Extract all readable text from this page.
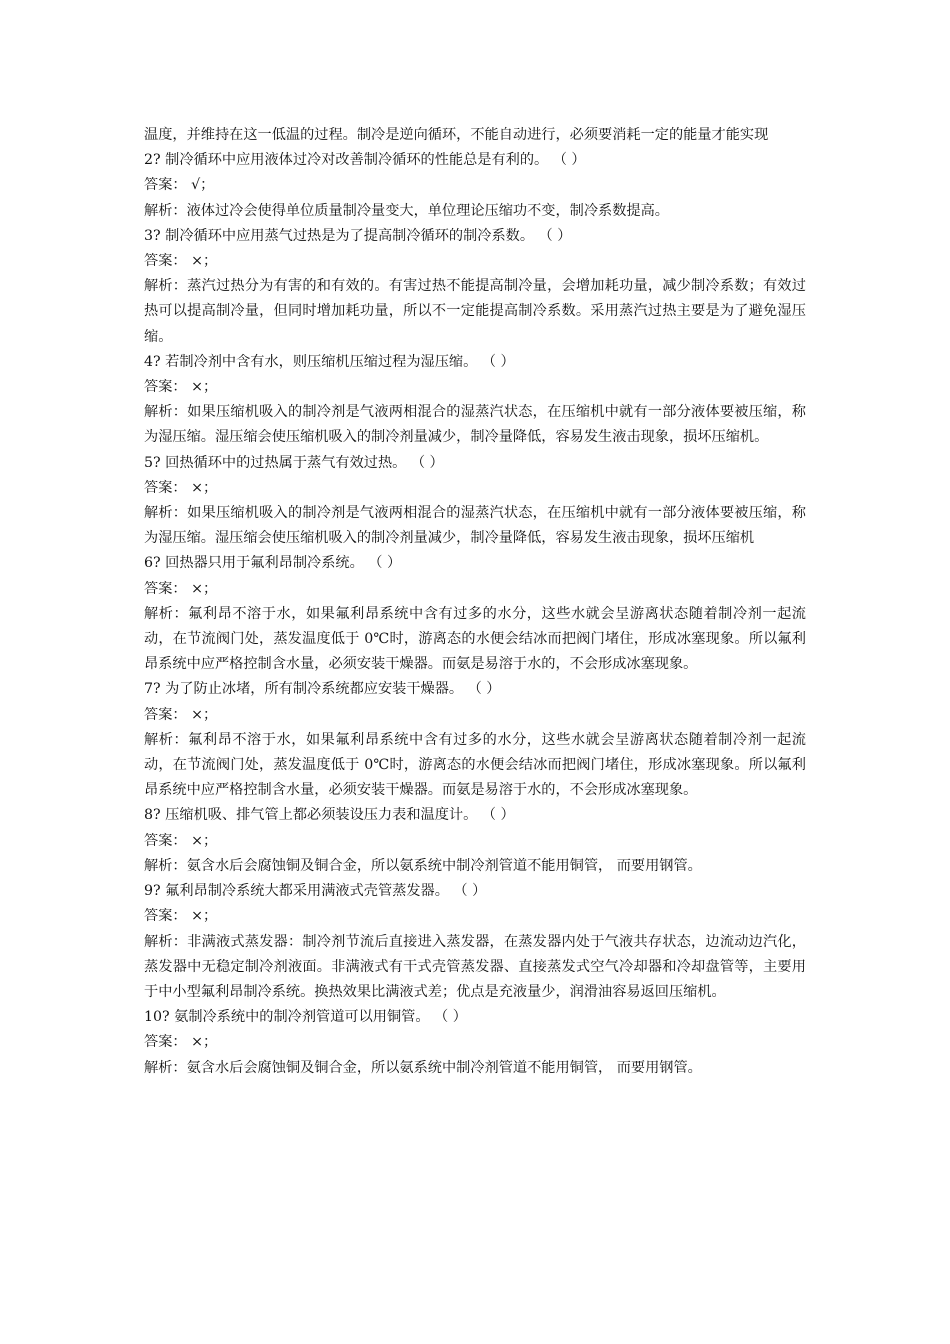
温度，并维持在这一低温的过程。制冷是逆向循环，不能自动进行，必须要消耗一定的能量才能实现
2? 制冷循环中应用液体过冷对改善制冷循环的性能总是有利的。 （ ）
答案： √；
解析：液体过冷会使得单位质量制冷量变大，单位理论压缩功不变，制冷系数提高。
3? 制冷循环中应用蒸气过热是为了提高制冷循环的制冷系数。 （ ）
答案： ×；
解析：蒸汽过热分为有害的和有效的。有害过热不能提高制冷量，会增加耗功量，减少制冷系数；有效过热可以提高制冷量，但同时增加耗功量，所以不一定能提高制冷系数。采用蒸汽过热主要是为了避免湿压缩。
4? 若制冷剂中含有水，则压缩机压缩过程为湿压缩。 （ ）
答案： ×；
解析：如果压缩机吸入的制冷剂是气液两相混合的湿蒸汽状态，在压缩机中就有一部分液体要被压缩，称为湿压缩。湿压缩会使压缩机吸入的制冷剂量减少，制冷量降低，容易发生液击现象，损坏压缩机。
5? 回热循环中的过热属于蒸气有效过热。 （ ）
答案： ×；
解析：如果压缩机吸入的制冷剂是气液两相混合的湿蒸汽状态，在压缩机中就有一部分液体要被压缩，称为湿压缩。湿压缩会使压缩机吸入的制冷剂量减少，制冷量降低，容易发生液击现象，损坏压缩机
6? 回热器只用于氟利昂制冷系统。 （ ）
答案： ×；
解析：氟利昂不溶于水，如果氟利昂系统中含有过多的水分，这些水就会呈游离状态随着制冷剂一起流动，在节流阀门处，蒸发温度低于 0℃时，游离态的水便会结冰而把阀门堵住，形成冰塞现象。所以氟利昂系统中应严格控制含水量，必须安装干燥器。而氨是易溶于水的，不会形成冰塞现象。
7? 为了防止冰堵，所有制冷系统都应安装干燥器。 （ ）
答案： ×；
解析：氟利昂不溶于水，如果氟利昂系统中含有过多的水分，这些水就会呈游离状态随着制冷剂一起流动，在节流阀门处，蒸发温度低于 0℃时，游离态的水便会结冰而把阀门堵住，形成冰塞现象。所以氟利昂系统中应严格控制含水量，必须安装干燥器。而氨是易溶于水的，不会形成冰塞现象。
8? 压缩机吸、排气管上都必须装设压力表和温度计。 （ ）
答案： ×；
解析：氨含水后会腐蚀铜及铜合金，所以氨系统中制冷剂管道不能用铜管， 而要用钢管。
9? 氟利昂制冷系统大都采用满液式壳管蒸发器。 （ ）
答案： ×；
解析：非满液式蒸发器：制冷剂节流后直接进入蒸发器，在蒸发器内处于气液共存状态，边流动边汽化，蒸发器中无稳定制冷剂液面。非满液式有干式壳管蒸发器、直接蒸发式空气冷却器和冷却盘管等，主要用于中小型氟利昂制冷系统。换热效果比满液式差；优点是充液量少，润滑油容易返回压缩机。
10? 氨制冷系统中的制冷剂管道可以用铜管。 （ ）
答案： ×；
解析：氨含水后会腐蚀铜及铜合金，所以氨系统中制冷剂管道不能用铜管， 而要用钢管。
